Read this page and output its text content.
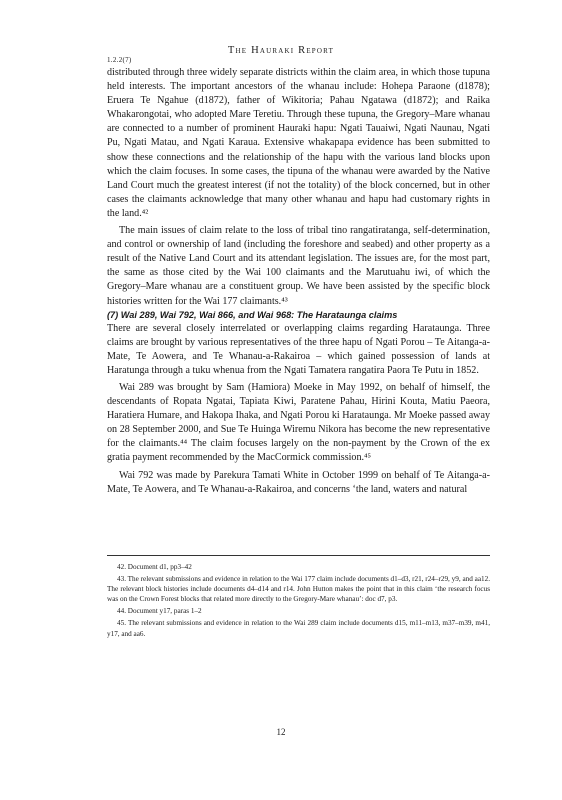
The Hauraki Report
1.2.2(7)

distributed through three widely separate districts within the claim area, in which those tupuna held interests. The important ancestors of the whanau include: Hohepa Paraone (d1878); Eruera Te Ngahue (d1872), father of Wikitoria; Pahau Ngatawa (d1872); and Raika Whakarongotai, who adopted Mare Teretiu. Through these tupuna, the Gregory–Mare whanau are connected to a number of prominent Hauraki hapu: Ngati Tauaiwi, Ngati Naunau, Ngati Pu, Ngati Matau, and Ngati Karaua. Extensive whakapapa evidence has been submitted to show these connections and the relationship of the hapu with the various land blocks upon which the claim focuses. In some cases, the tipuna of the whanau were awarded by the Native Land Court much the greatest interest (if not the totality) of the block concerned, but in other cases the claimants acknowledge that many other whanau and hapu had customary rights in the land.⁴²

The main issues of claim relate to the loss of tribal tino rangatiratanga, self-determination, and control or ownership of land (including the foreshore and seabed) and other property as a result of the Native Land Court and its attendant legislation. The issues are, for the most part, the same as those cited by the Wai 100 claimants and the Marutuahu iwi, of which the Gregory–Mare whanau are a constituent group. We have been assisted by the specific block histories written for the Wai 177 claimants.⁴³

(7) Wai 289, Wai 792, Wai 866, and Wai 968: The Harataunga claims

There are several closely interrelated or overlapping claims regarding Harataunga. Three claims are brought by various representatives of the three hapu of Ngati Porou – Te Aitanga-a-Mate, Te Aowera, and Te Whanau-a-Rakairoa – which gained possession of lands at Haratunga through a tuku whenua from the Ngati Tamatera rangatira Paora Te Putu in 1852.

Wai 289 was brought by Sam (Hamiora) Moeke in May 1992, on behalf of himself, the descendants of Ropata Ngatai, Tapiata Kiwi, Paratene Pahau, Hirini Kouta, Matiu Paeora, Haratiera Humare, and Hakopa Ihaka, and Ngati Porou ki Harataunga. Mr Moeke passed away on 28 September 2000, and Sue Te Huinga Wiremu Nikora has become the new representative for the claimants.⁴⁴ The claim focuses largely on the non-payment by the Crown of the ex gratia payment recommended by the MacCormick commission.⁴⁵

Wai 792 was made by Parekura Tamati White in October 1999 on behalf of Te Aitanga-a-Mate, Te Aowera, and Te Whanau-a-Rakairoa, and concerns ‘the land, waters and natural

42. Document d1, pp3–42

43. The relevant submissions and evidence in relation to the Wai 177 claim include documents d1–d3, r21, r24–r29, y9, and aa12. The relevant block histories include documents d4–d14 and r14. John Hutton makes the point that in this claim ‘the research focus was on the Crown Forest blocks that related more directly to the Gregory-Mare whanau’: doc d7, p3.

44. Document y17, paras 1–2

45. The relevant submissions and evidence in relation to the Wai 289 claim include documents d15, m11–m13, m37–m39, m41, y17, and aa6.

12
